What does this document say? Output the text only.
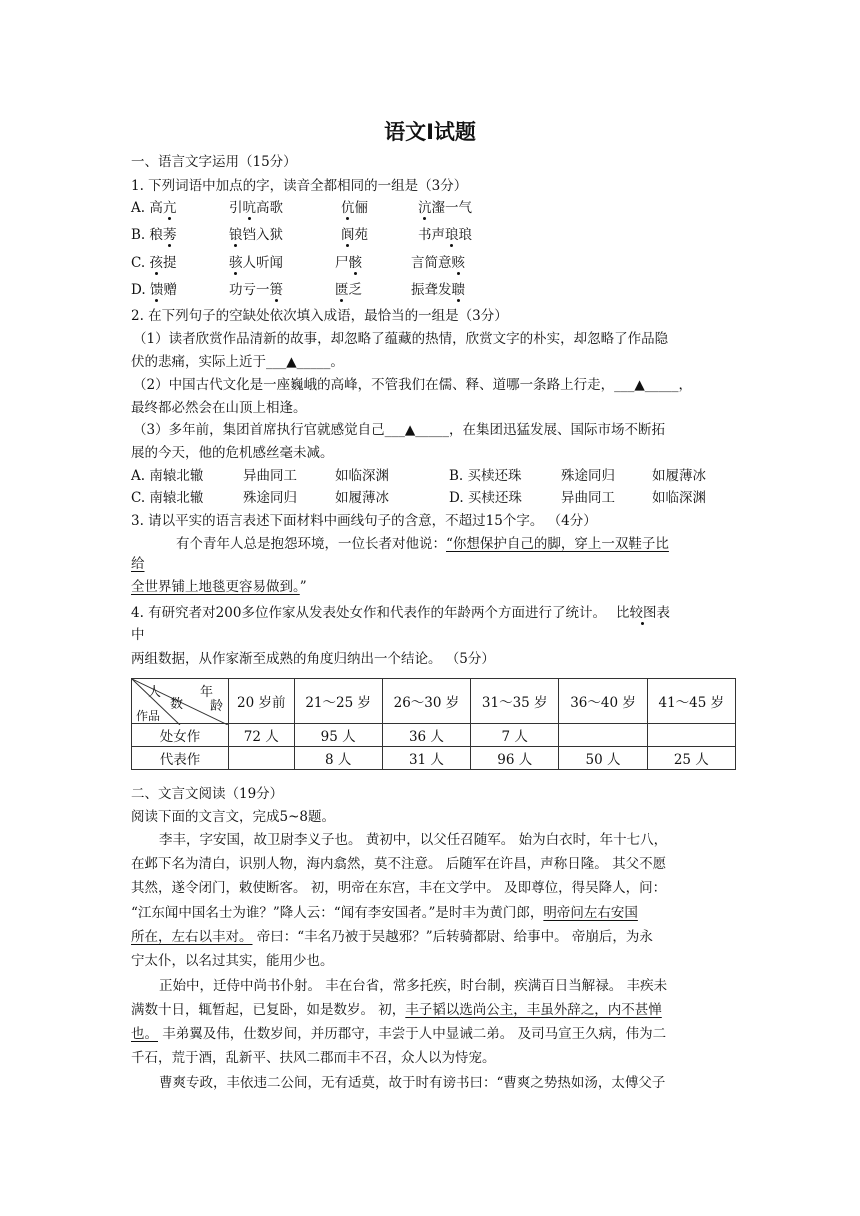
语文Ⅰ试题
一、语言文字运用（15分）
1. 下列词语中加点的字，读音全都相同的一组是（3分）
A. 高亢	引吭高歌	伉俪	沆瀣一气
B. 稂莠	锒铛入狱	阆苑	书声琅琅
C. 孩提	骇人听闻	尸骸	言简意赅
D. 馈赠	功亏一篑	匮乏	振聋发聩
2. 在下列句子的空缺处依次填入成语，最恰当的一组是（3分）
（1）读者欣赏作品清新的故事，却忽略了蕴藏的热情，欣赏文字的朴实，却忽略了作品隐
伏的悲痛，实际上近于___▲_____。
（2）中国古代文化是一座巍峨的高峰，不管我们在儒、释、道哪一条路上行走，___▲_____，
最终都必然会在山顶上相逢。
（3）多年前，集团首席执行官就感觉自己___▲_____，在集团迅猛发展、国际市场不断拓
展的今天，他的危机感丝毫未减。
A. 南辕北辙	异曲同工	如临深渊	B. 买椟还珠	殊途同归	如履薄冰
C. 南辕北辙	殊途同归	如履薄冰	D. 买椟还珠	异曲同工	如临深渊
3. 请以平实的语言表述下面材料中画线句子的含意，不超过15个字。 （4分）
有个青年人总是抱怨环境，一位长者对他说：“你想保护自己的脚，穿上一双鞋子比
给
全世界铺上地毯更容易做到。”
4. 有研究者对200多位作家从发表处女作和代表作的年龄两个方面进行了统计。 比较图表
中
两组数据，从作家渐至成熟的角度归纳出一个结论。 （5分）
人
数
年
龄
作品	20 岁前	21～25 岁	26～30 岁	31～35 岁	36～40 岁	41～45 岁
处女作	72 人	95 人	36 人	7 人		
代表作		8 人	31 人	96 人	50 人	25 人
二、文言文阅读（19分）
阅读下面的文言文，完成5~8题。
李丰，字安国，故卫尉李义子也。 黄初中，以父任召随军。 始为白衣时，年十七八，
在邺下名为清白，识别人物，海内翕然，莫不注意。 后随军在许昌，声称日隆。 其父不愿
其然，遂令闭门，敕使断客。 初，明帝在东宫，丰在文学中。 及即尊位，得吴降人，问：
“江东闻中国名士为谁？”降人云：“闻有李安国者。”是时丰为黄门郎，明帝问左右安国
所在，左右以丰对。 帝曰：“丰名乃被于吴越邪？”后转骑都尉、给事中。 帝崩后，为永
宁太仆，以名过其实，能用少也。
正始中，迁侍中尚书仆射。 丰在台省，常多托疾，时台制，疾满百日当解禄。 丰疾未
满数十日，辄暂起，已复卧，如是数岁。 初，丰子韬以选尚公主，丰虽外辞之，内不甚惮
也。 丰弟翼及伟，仕数岁间，并历郡守，丰尝于人中显诫二弟。 及司马宣王久病，伟为二
千石，荒于酒，乱新平、扶风二郡而丰不召，众人以为恃宠。
曹爽专政，丰依违二公间，无有适莫，故于时有谤书曰：“曹爽之势热如汤，太傅父子
